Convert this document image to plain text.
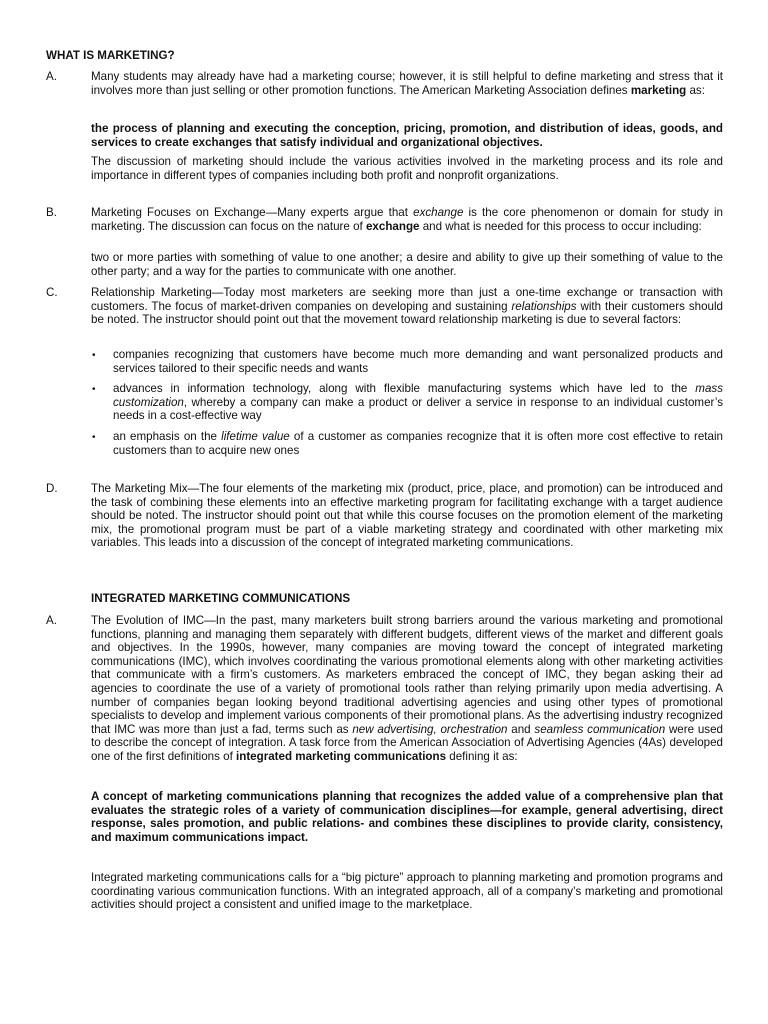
WHAT IS MARKETING?
A.	Many students may already have had a marketing course; however, it is still helpful to define marketing and stress that it involves more than just selling or other promotion functions. The American Marketing Association defines marketing as:
the process of planning and executing the conception, pricing, promotion, and distribution of ideas, goods, and services to create exchanges that satisfy individual and organizational objectives.
The discussion of marketing should include the various activities involved in the marketing process and its role and importance in different types of companies including both profit and nonprofit organizations.
B.	Marketing Focuses on Exchange—Many experts argue that exchange is the core phenomenon or domain for study in marketing. The discussion can focus on the nature of exchange and what is needed for this process to occur including:
two or more parties with something of value to one another; a desire and ability to give up their something of value to the other party; and a way for the parties to communicate with one another.
C.	Relationship Marketing—Today most marketers are seeking more than just a one-time exchange or transaction with customers. The focus of market-driven companies on developing and sustaining relationships with their customers should be noted. The instructor should point out that the movement toward relationship marketing is due to several factors:
• companies recognizing that customers have become much more demanding and want personalized products and services tailored to their specific needs and wants
• advances in information technology, along with flexible manufacturing systems which have led to the mass customization, whereby a company can make a product or deliver a service in response to an individual customer’s needs in a cost-effective way
• an emphasis on the lifetime value of a customer as companies recognize that it is often more cost effective to retain customers than to acquire new ones
D.	The Marketing Mix—The four elements of the marketing mix (product, price, place, and promotion) can be introduced and the task of combining these elements into an effective marketing program for facilitating exchange with a target audience should be noted. The instructor should point out that while this course focuses on the promotion element of the marketing mix, the promotional program must be part of a viable marketing strategy and coordinated with other marketing mix variables. This leads into a discussion of the concept of integrated marketing communications.
INTEGRATED MARKETING COMMUNICATIONS
A.	The Evolution of IMC—In the past, many marketers built strong barriers around the various marketing and promotional functions, planning and managing them separately with different budgets, different views of the market and different goals and objectives. In the 1990s, however, many companies are moving toward the concept of integrated marketing communications (IMC), which involves coordinating the various promotional elements along with other marketing activities that communicate with a firm’s customers. As marketers embraced the concept of IMC, they began asking their ad agencies to coordinate the use of a variety of promotional tools rather than relying primarily upon media advertising. A number of companies began looking beyond traditional advertising agencies and using other types of promotional specialists to develop and implement various components of their promotional plans. As the advertising industry recognized that IMC was more than just a fad, terms such as new advertising, orchestration and seamless communication were used to describe the concept of integration. A task force from the American Association of Advertising Agencies (4As) developed one of the first definitions of integrated marketing communications defining it as:
A concept of marketing communications planning that recognizes the added value of a comprehensive plan that evaluates the strategic roles of a variety of communication disciplines—for example, general advertising, direct response, sales promotion, and public relations- and combines these disciplines to provide clarity, consistency, and maximum communications impact.
Integrated marketing communications calls for a “big picture” approach to planning marketing and promotion programs and coordinating various communication functions. With an integrated approach, all of a company’s marketing and promotional activities should project a consistent and unified image to the marketplace.
